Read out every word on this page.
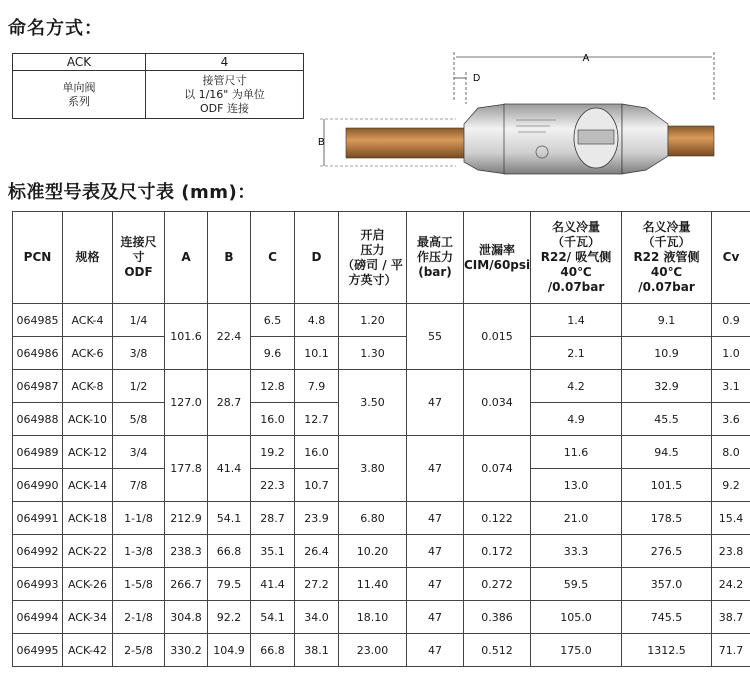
命名方式：
ACK	4

单向阀
系列	接管尺寸
以 1/16" 为单位
ODF 连接
A
D
B
标准型号表及尺寸表 (mm)：
PCN	规格	连接尺
寸
ODF	A	B	C	D	开启
压力
（磅司 / 平
方英寸）	最高工
作压力
(bar)	泄漏率
CIM/60psi	名义冷量
（千瓦）
R22/ 吸气侧
40℃ /0.07bar	名义冷量
（千瓦）
R22 液管侧
40℃ /0.07bar	Cv
064985	ACK-4	1/4	101.6	22.4	6.5	4.8	1.20	55	0.015	1.4	9.1	0.9
064986	ACK-6	3/8			9.6	10.1	1.30			2.1	10.9	1.0
064987	ACK-8	1/2	127.0	28.7	12.8	7.9	3.50	47	0.034	4.2	32.9	3.1
064988	ACK-10	5/8			16.0	12.7				4.9	45.5	3.6
064989	ACK-12	3/4	177.8	41.4	19.2	16.0	3.80	47	0.074	11.6	94.5	8.0
064990	ACK-14	7/8			22.3	10.7				13.0	101.5	9.2
064991	ACK-18	1-1/8	212.9	54.1	28.7	23.9	6.80	47	0.122	21.0	178.5	15.4
064992	ACK-22	1-3/8	238.3	66.8	35.1	26.4	10.20	47	0.172	33.3	276.5	23.8
064993	ACK-26	1-5/8	266.7	79.5	41.4	27.2	11.40	47	0.272	59.5	357.0	24.2
064994	ACK-34	2-1/8	304.8	92.2	54.1	34.0	18.10	47	0.386	105.0	745.5	38.7
064995	ACK-42	2-5/8	330.2	104.9	66.8	38.1	23.00	47	0.512	175.0	1312.5	71.7
